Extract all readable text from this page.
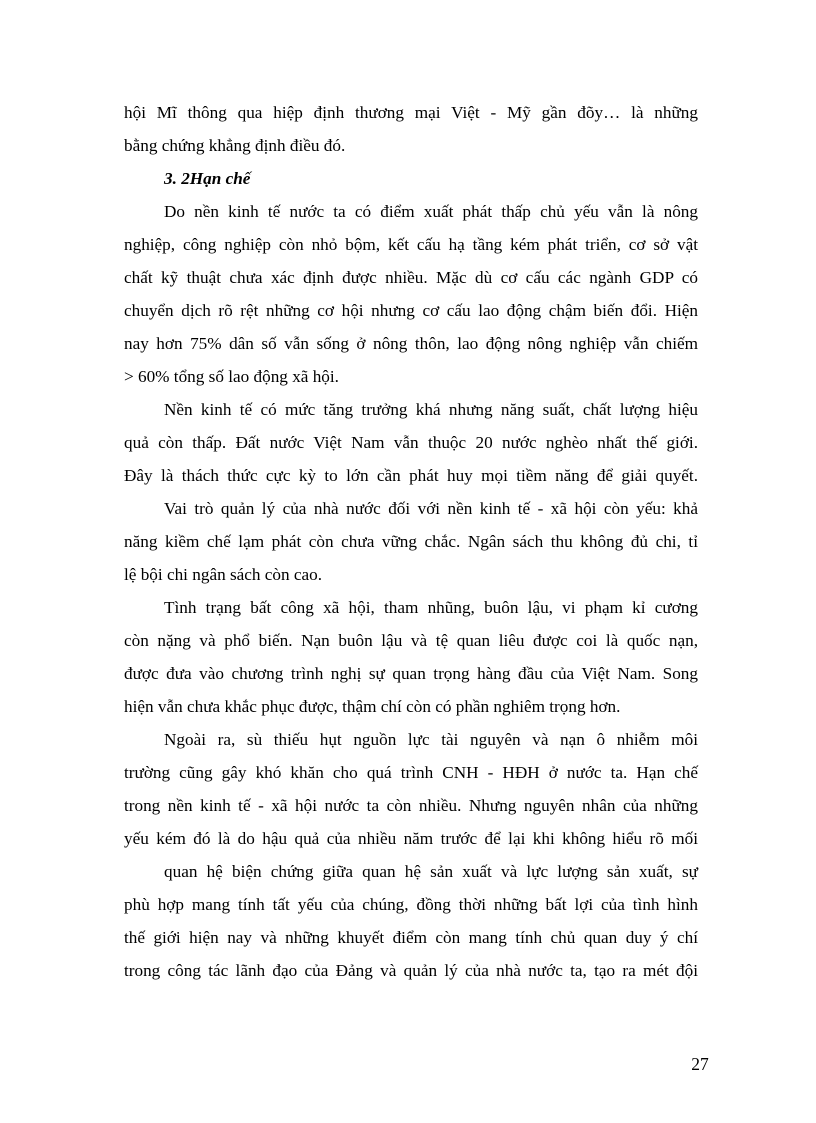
hội Mĩ thông qua hiệp định thương mại Việt - Mỹ gần đõy… là những
bằng chứng khẳng định điều đó.
3. 2Hạn chế
Do nền kinh tế nước ta có điểm xuất phát thấp chủ yếu vẫn là nông
nghiệp, công nghiệp còn nhỏ bộm, kết cấu hạ tầng kém phát triển, cơ sở vật
chất kỹ thuật chưa xác định được nhiều. Mặc dù cơ cấu các ngành GDP có
chuyển dịch rõ rệt những cơ hội nhưng cơ cấu lao động chậm biến đổi. Hiện
nay hơn 75% dân số vẫn sống ở nông thôn, lao động nông nghiệp vẫn chiếm
> 60% tổng số lao động xã hội.
Nền kinh tế có mức tăng trưởng khá nhưng năng suất, chất lượng hiệu
quả còn thấp. Đất nước Việt Nam vẫn thuộc 20 nước nghèo nhất thế giới.
Đây là thách thức cực kỳ to lớn cần phát huy mọi tiềm năng để giải quyết.
Vai trò quản lý của nhà nước đối với nền kinh tế - xã hội còn yếu: khả
năng kiềm chế lạm phát còn chưa vững chắc. Ngân sách thu không đủ chi, tỉ
lệ bội chi ngân sách còn cao.
Tình trạng bất công xã hội, tham nhũng, buôn lậu, vi phạm kỉ cương
còn nặng và phổ biến. Nạn buôn lậu và tệ quan liêu được coi là quốc nạn,
được đưa vào chương trình nghị sự quan trọng hàng đầu của Việt Nam. Song
hiện vẫn chưa khắc phục được, thậm chí còn có phần nghiêm trọng hơn.
Ngoài ra, sù thiếu hụt nguồn lực tài nguyên và nạn ô nhiễm môi
trường cũng gây khó khăn cho quá trình CNH - HĐH ở nước ta. Hạn chế
trong nền kinh tế - xã hội nước ta còn nhiều. Nhưng nguyên nhân của những
yếu kém đó là do hậu quả của nhiều năm trước để lại khi không hiểu rõ mối
quan hệ biện chứng giữa quan hệ sản xuất và lực lượng sản xuất, sự
phù hợp mang tính tất yếu của chúng, đồng thời những bất lợi của tình hình
thế giới hiện nay và những khuyết điểm còn mang tính chủ quan duy ý chí
trong công tác lãnh đạo của Đảng và quản lý của nhà nước ta, tạo ra mét đội
27
